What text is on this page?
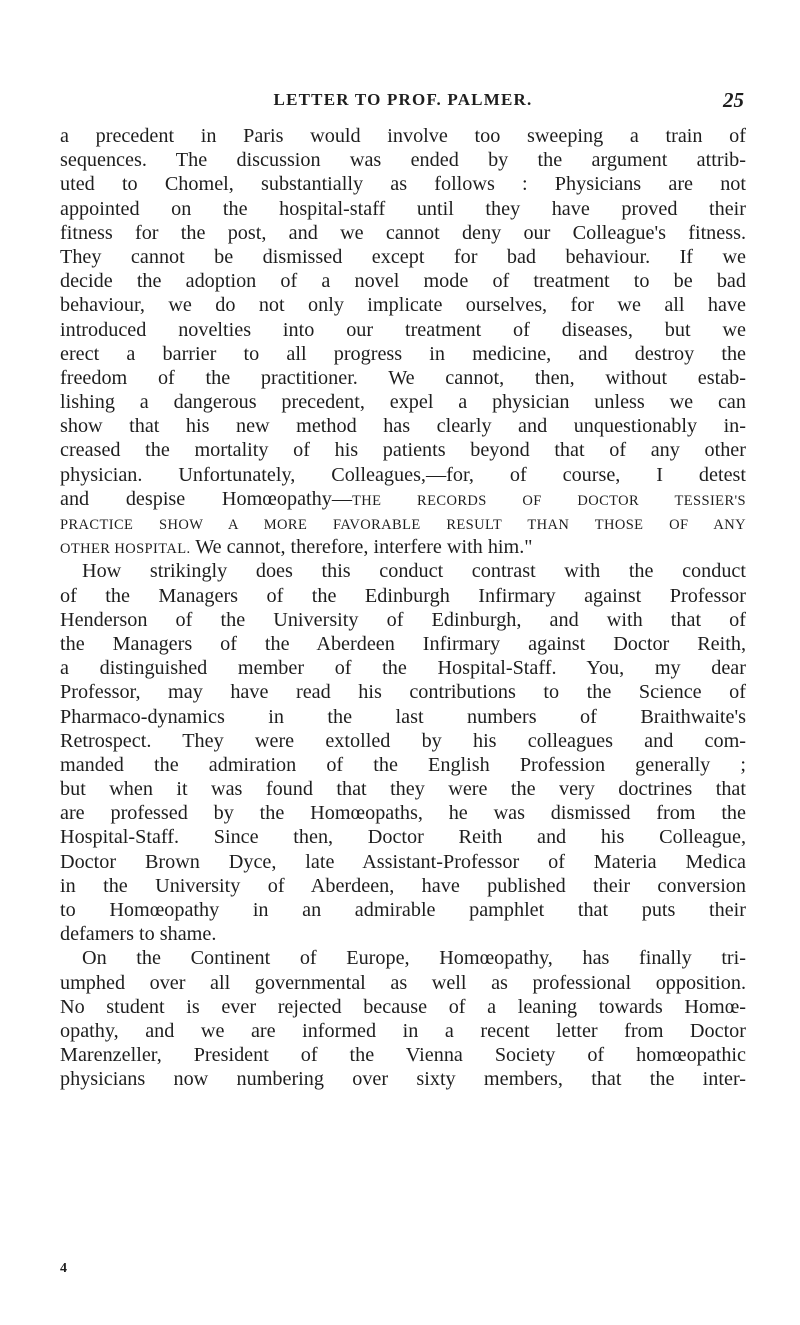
LETTER TO PROF. PALMER.	25
a precedent in Paris would involve too sweeping a train of
sequences. The discussion was ended by the argument attrib-
uted to Chomel, substantially as follows : Physicians are not
appointed on the hospital-staff until they have proved their
fitness for the post, and we cannot deny our Colleague's fitness.
They cannot be dismissed except for bad behaviour. If we
decide the adoption of a novel mode of treatment to be bad
behaviour, we do not only implicate ourselves, for we all have
introduced novelties into our treatment of diseases, but we
erect a barrier to all progress in medicine, and destroy the
freedom of the practitioner. We cannot, then, without estab-
lishing a dangerous precedent, expel a physician unless we can
show that his new method has clearly and unquestionably in-
creased the mortality of his patients beyond that of any other
physician. Unfortunately, Colleagues,—for, of course, I detest
and despise Homœopathy—THE RECORDS OF DOCTOR TESSIER'S
PRACTICE SHOW A MORE FAVORABLE RESULT THAN THOSE OF ANY
OTHER HOSPITAL. We cannot, therefore, interfere with him."
How strikingly does this conduct contrast with the conduct
of the Managers of the Edinburgh Infirmary against Professor
Henderson of the University of Edinburgh, and with that of
the Managers of the Aberdeen Infirmary against Doctor Reith,
a distinguished member of the Hospital-Staff. You, my dear
Professor, may have read his contributions to the Science of
Pharmaco-dynamics in the last numbers of Braithwaite's
Retrospect. They were extolled by his colleagues and com-
manded the admiration of the English Profession generally ;
but when it was found that they were the very doctrines that
are professed by the Homœopaths, he was dismissed from the
Hospital-Staff. Since then, Doctor Reith and his Colleague,
Doctor Brown Dyce, late Assistant-Professor of Materia Medica
in the University of Aberdeen, have published their conversion
to Homœopathy in an admirable pamphlet that puts their
defamers to shame.
On the Continent of Europe, Homœopathy, has finally tri-
umphed over all governmental as well as professional opposition.
No student is ever rejected because of a leaning towards Homœ-
opathy, and we are informed in a recent letter from Doctor
Marenzeller, President of the Vienna Society of homœopathic
physicians now numbering over sixty members, that the inter-
4
